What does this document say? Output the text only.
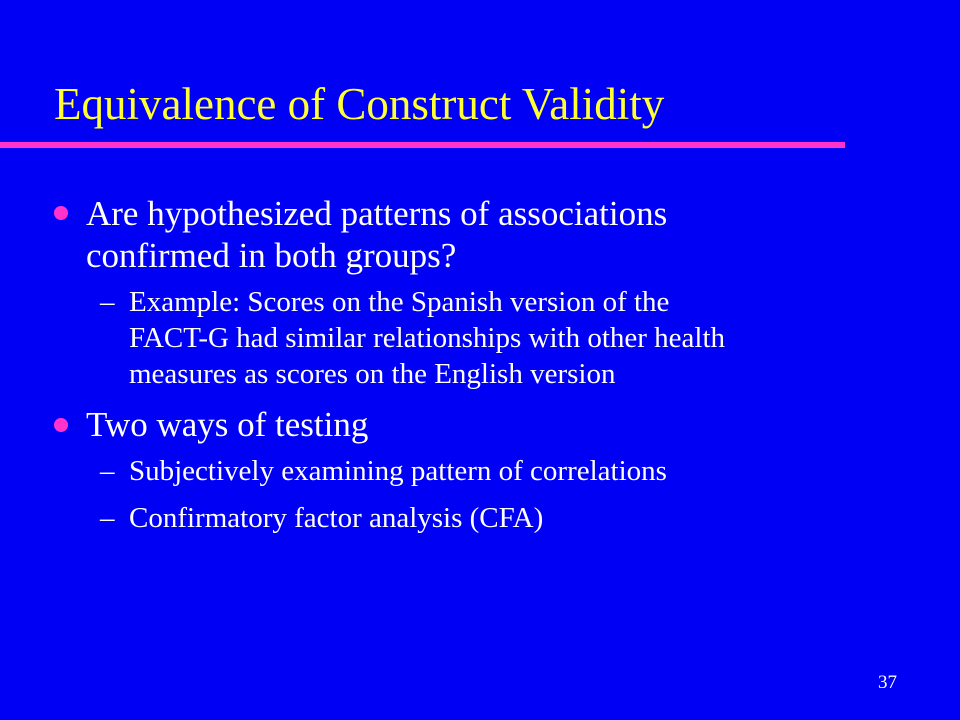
Equivalence of Construct Validity
Are hypothesized patterns of associations
confirmed in both groups?
– Example: Scores on the Spanish version of the
FACT-G had similar relationships with other health
measures as scores on the English version
Two ways of testing
– Subjectively examining pattern of correlations
– Confirmatory factor analysis (CFA)
37
